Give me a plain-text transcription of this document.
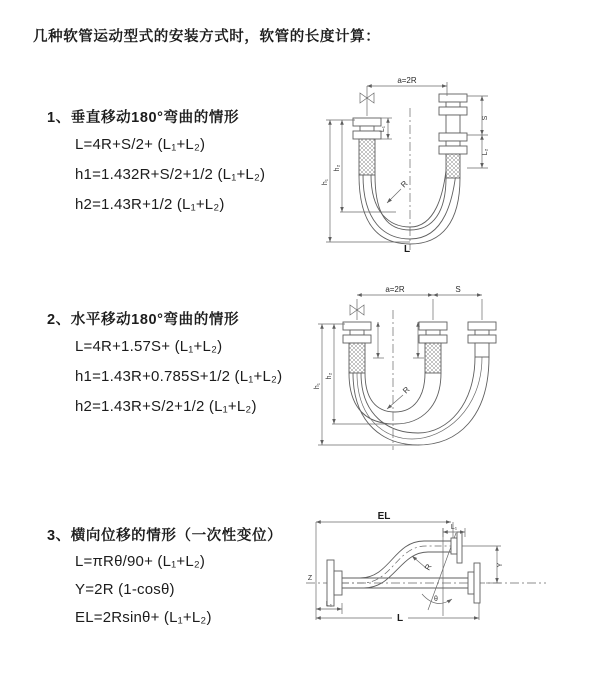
几种软管运动型式的安装方式时，软管的长度计算：
1、垂直移动180°弯曲的情形
L=4R+S/2+ (L₁+L₂)
h1=1.432R+S/2+1/2 (L₁+L₂)
h2=1.43R+1/2 (L₁+L₂)
2、水平移动180°弯曲的情形
L=4R+1.57S+ (L₁+L₂)
h1=1.43R+0.785S+1/2 (L₁+L₂)
h2=1.43R+S/2+1/2 (L₁+L₂)
3、横向位移的情形（一次性变位）
L=πRθ/90+ (L₁+L₂)
Y=2R (1-cosθ)
EL=2Rsinθ+ (L₁+L₂)
a=2R
S
L₂
L₁
h₁
h₂
R
L
a=2R	S
h₁
h₂
R
Z
θ
EL
L₁
Y
R
L₁
L
